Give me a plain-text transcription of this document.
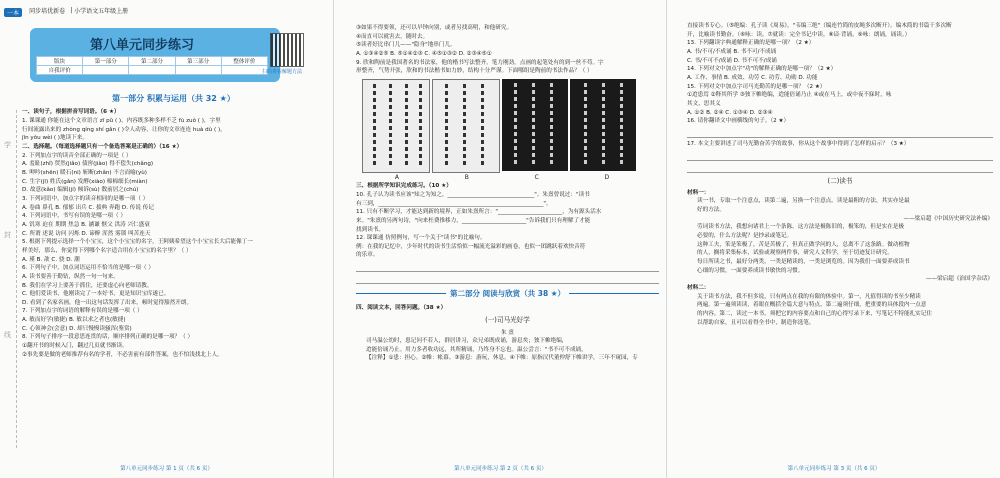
一本 同步培优新卷 | 小学语文五年级上册
第八单元同步练习
版块	第一部分	第二部分	第三部分	整体评价
自我评价					扫码查看解题方法
学
封
线
第一部分 积累与运用（共 32 ★）
一、读句子，根据拼音写词语。（6 ★）
1. 课课通 你能在这个文章语言 zī pǔ ( )，内容既多种多样不乏 fù zuǒ ( )，字里
行间流露出来的 zhòng qíng shí gǎn ( )令人动容，让你的文章连连 huà dù ( )，
jīn yǒu wèi ( )地读下来。
二、选择题。（每道选择题只有一个备选答案是正确的）（16 ★）
2. 下列加点字的读音全部正确的一项是（ ）
A. 羞耻(zhǐ) 贸然(jiǎo) 债窖(jiào) 得不偿失(chǎng)
B. 呷吟(shēn) 暖石(ni) 斩断(zhǎn) 不言而喻(yù)
C. 生字(jī) 姓氏(gǎn) 发酵(xiào) 棉棉细长(miàn)
D. 故意(kǎo) 编辑(jí) 倾诉(sù) 数前居之(chú)
3. 下列词语中，加点字的读音相同的是哪一项（ ）
A. 卷曲 鼻孔 B. 郁郁 出兵 C. 拔典 奔跑 D. 传说 传记
4. 下列词语中，书写有误的是哪一项（ ）
A. 饥寒 迫在 期期 焦急 B. 涵谦 惬父 洪涛 兴仁盛衰
C. 所谓 述说 访问 闪烁 D. 谛醉 浑然 雾锁 叫苦连天
5. 根据下列提示选择一个小宝宝，这个小宝宝的名字，王阿姨希望这个小宝宝长大后能像丁一
样美好，那么，你觉得下列哪个名字适合用在小宝宝的名字里？（ ）
A. 瑾 B. 歆 C. 骁 D. 潮
6. 下列句子中，加点词语运用不恰当的是哪一项（ ）
A. 读书要善于勤钻，纵然一句一句来。
B. 我们在学习上要善于抓住，还要虚心向老师请教。
C. 他们爱读书，他刚读完了一本好书，更是知识宝库遂已。
D. 看到了名家名画，他一出这句话发挥了出来，顿时觉得豁然开朗。
7. 下列加点字的词语的解释有误的是哪一项（ ）
A. 敏而好学(敏捷) B. 敏以求之者也(敏捷)
C. 心领神会(会意) D. 却只慢慢读骚浑(鉴赏)
8. 下列句子排序一段意思连贯的话，顺序排列正确的是哪一项？（ ）
①翻开书的时候入门，翻过几页就书渐读。
②事先要是做的老师推荐有名的学者，不必害前有部件答案，也不怕浅找北上人。
第八单元同步练习 第 1 页（共 6 页）
③如果不得要领，还可以早钟向别，或者另找高明，和他研究。
④而直可以就害去，随时去。
⑤读者好比串门儿——"隐身"地串门儿。
A. ①③④②⑤ B. ⑤①④②③ C. ④⑤①③② D. ②③④⑤①
9. 欣和陶前是我国著名的书法家，他的楷书写法整齐，笔力刚劲，点画的起笔处有的到一丝不苟。字
形整齐，气势开张，欣和的书法楷书如力妙，结构十分严谨。下面哪组是陶前的书法作品？（ ）
A	B	C	D
三、根据所学知识完成练习。（10 ★）
10. 孔子认为读书应该"知之为知之，_______________________________"。朱熹曾说过："读书
有三到，___________________________________________________________"。
11. 只有不断学习，才能达到新的境界，正如朱熹所言："_______________________，为有源头活水
来。"朱熹的另两句诗，"向来枉费推移力，_______________________"告诉我们只有理解了才能
找到读书。
12. 课课通 仿照例句，写一个关于"读书"的比喻句。
例：在我的记忆中，少年时代的读书生活恰似一幅流光溢彩的画卷，也似一团跳跃着欢快音符
的乐章。
第二部分 阅读与欣赏（共 38 ★）
四、阅读文本，回答问题。（38 ★）
(一)司马光好学
朱 熹
司马温公幼时，患记问不若人，群居讲习，众兄弟既成诵，游息矣；独下帷绝编，
迨能倍诵乃止。用力多者收功远，其所精诵，乃终身不忘也。温公尝言："书不可不成诵，
【注释】①患：担心。②帷：帐幕。③游息：游玩，休息。④下帷：原指汉代董仲舒下帷讲学，三年不窥园，专
第八单元同步练习 第 2 页（共 6 页）
直接读书专心。（⑤绝编：孔子读《周易》，"韦编三绝"（编连竹简的皮绳多次断开）。编木简的书篇干多次断
开，比喻读书勤奋。（⑥咏：读。⑦就读：完全书记中读。⑧谙·背诵。⑨咏：朗诵，诵读。）
13. 下列翻读字典通解释正确的是哪一项？（2 ★）
A. 书/不可/不成诵 B. 书不可/不成诵
C. 书/不可不/成诵 D. 书不可不/成诵
14. 下列对文中加点字"功"的解释正确的是哪一项？（2 ★）
A. 工作、事情 B. 成效、功劳 C. 功劳、功勋 D. 功能
15. 下列对文中加点字司马光勤苦的是哪一项？（2 ★）
①迨患焉 ②释其所学 ③独下帷绝编，迨能倍诵乃止 ④或在马上，或中夜不寐时，咏
其文，思其义
A. ①② B. ②④ C. ①③④ D. ②③④
16. 请你翻译文中画横线的句子。（2 ★）
17. 本文主要讲述了司马光勤奋苦学的故事，你从这个故事中得到了怎样的启示？（3 ★）
(二)读书
材料一：
读一书，专取一个注意点，读第二遍，另换一个注意点。读是最粗的方法，其实亦是最
好的方法。
——梁启超《中国历史研究法补编》
劳词读书方法，我想向诸君上一个条陈。这方法是极陈旧的，极笨的，但是实在是极
必要的，什么方法呢？是抄录或笔记。
这种工夫，笨是笨极了，苦是苦极了，但真正做学问的人，总离不了这条路。做动植物
的人，搁将采集标本，试验或观察两件事，研究人文科学，至于切迹复计研究。
每日所读之书，最好分两类，一类是精读的，一类是浏览的。因为我们一面要养成读书
心细的习惯，一面要养成读书敏快的习惯。
——梁启超《治国学杂话》
材料二：
关于读书方法，我不但多说，只有两点在我的有限的体验中。第一，凡值得读的书至少精读
两遍。第一遍须读读，着眼在概括全篇大意与特点，第二遍须仔细，把重要的具体段内一点意
的内容。第二，读过一本书，须把它的内容要点和自己的心得写录下来，写笔记不特能扎实记住
以帮助自家，且可以看得全书中，制造你选笔。
第八单元同步练习 第 3 页（共 6 页）
